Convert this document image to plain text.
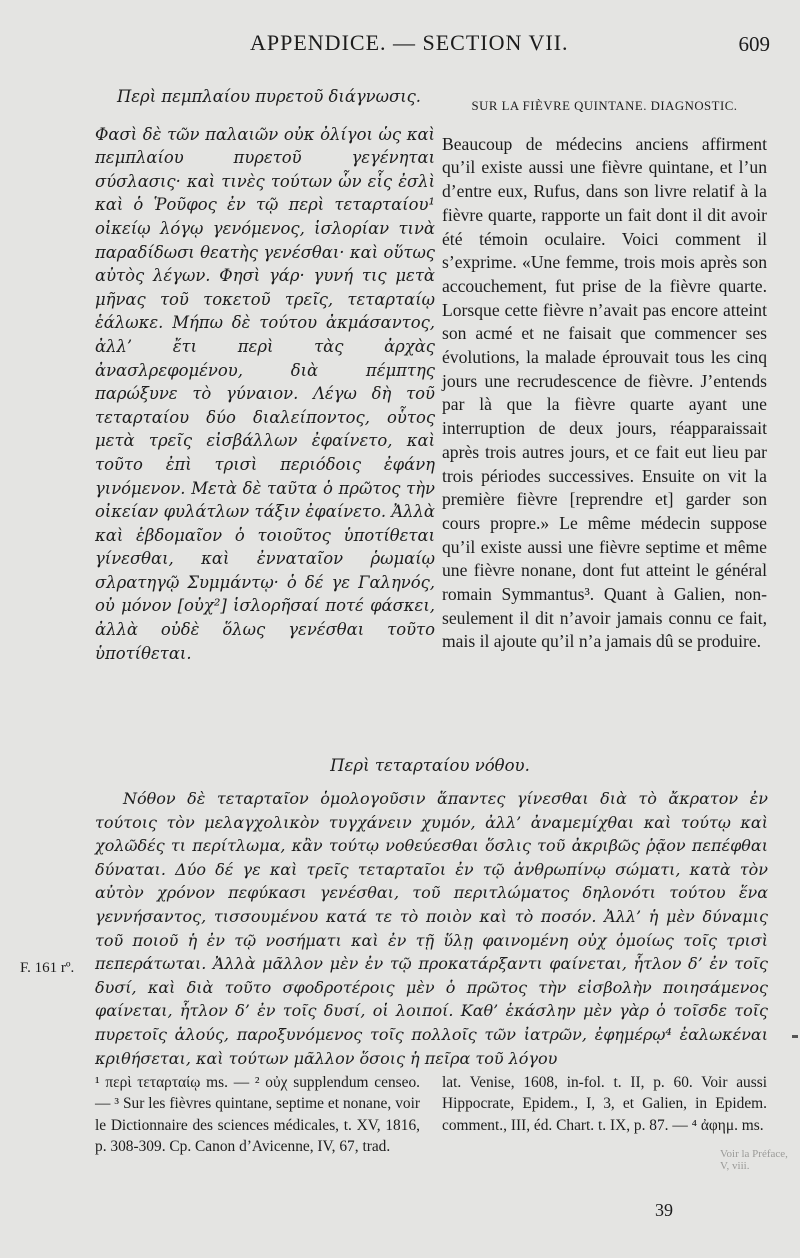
APPENDICE. — SECTION VII.	609
Περὶ πεμπλαίου πυρετοῦ διάγνωσις.

Φασὶ δὲ τῶν παλαιῶν οὐκ ὀλίγοι ὡς καὶ πεμπλαίου πυρετοῦ γεγένηται σύσλασις· καὶ τινὲς τούτων ὧν εἷς ἐσλὶ καὶ ὁ Ῥοῦφος ἐν τῷ περὶ τεταρταίου¹ οἰκείῳ λόγῳ γενόμενος, ἱσλορίαν τινὰ παραδίδωσι θεατὴς γενέσθαι· καὶ οὕτως αὐτὸς λέγων. Φησὶ γάρ· γυνή τις μετὰ μῆνας τοῦ τοκετοῦ τρεῖς, τεταρταίῳ ἑάλωκε. Μήπω δὲ τούτου ἀκμάσαντος, ἀλλ’ ἔτι περὶ τὰς ἀρχὰς ἀνασλρεφομένου, διὰ πέμπτης παρώξυνε τὸ γύναιον. Λέγω δὴ τοῦ τεταρταίου δύο διαλείποντος, οὗτος μετὰ τρεῖς εἰσβάλλων ἐφαίνετο, καὶ τοῦτο ἐπὶ τρισὶ περιόδοις ἐφάνη γινόμενον. Μετὰ δὲ ταῦτα ὁ πρῶτος τὴν οἰκείαν φυλάτλων τάξιν ἐφαίνετο. Ἀλλὰ καὶ ἑβδομαῖον ὁ τοιοῦτος ὑποτίθεται γίνεσθαι, καὶ ἐνναταῖον ῥωμαίῳ σλρατηγῷ Συμμάντῳ· ὁ δέ γε Γαληνός, οὐ μόνον [οὐχ²] ἱσλορῆσαί ποτέ φάσκει, ἀλλὰ οὐδὲ ὅλως γενέσθαι τοῦτο ὑποτίθεται.

SUR LA FIÈVRE QUINTANE. DIAGNOSTIC.

Beaucoup de médecins anciens affirment qu’il existe aussi une fièvre quintane, et l’un d’entre eux, Rufus, dans son livre relatif à la fièvre quarte, rapporte un fait dont il dit avoir été témoin oculaire. Voici comment il s’exprime. «Une femme, trois mois après son accouchement, fut prise de la fièvre quarte. Lorsque cette fièvre n’avait pas encore atteint son acmé et ne faisait que commencer ses évolutions, la malade éprouvait tous les cinq jours une recrudescence de fièvre. J’entends par là que la fièvre quarte ayant une interruption de deux jours, réapparaissait après trois autres jours, et ce fait eut lieu par trois périodes successives. Ensuite on vit la première fièvre [reprendre et] garder son cours propre.» Le même médecin suppose qu’il existe aussi une fièvre septime et même une fièvre nonane, dont fut atteint le général romain Symmantus³. Quant à Galien, non-seulement il dit n’avoir jamais connu ce fait, mais il ajoute qu’il n’a jamais dû se produire.

Περὶ τεταρταίου νόθου.

Νόθον δὲ τεταρταῖον ὁμολογοῦσιν ἅπαντες γίνεσθαι διὰ τὸ ἄκρατον ἐν τούτοις τὸν μελαγχολικὸν τυγχάνειν χυμόν, ἀλλ’ ἀναμεμίχθαι καὶ τούτῳ καὶ χολῶδές τι περίτλωμα, κἂν τούτῳ νοθεύεσθαι ὅσλις τοῦ ἀκριβῶς ῥᾷον πεπέφθαι δύναται. Δύο δέ γε καὶ τρεῖς τεταρταῖοι ἐν τῷ ἀνθρωπίνῳ σώματι, κατὰ τὸν αὐτὸν χρόνον πεφύκασι γενέσθαι, τοῦ περιτλώματος δηλονότι τούτου ἕνα γεννήσαντος, τισσουμένου κατά τε τὸ ποιὸν καὶ τὸ ποσόν. Ἀλλ’ ἡ μὲν δύναμις τοῦ ποιοῦ ἡ ἐν τῷ νοσήματι καὶ ἐν τῇ ὕλῃ φαινομένη οὐχ ὁμοίως τοῖς τρισὶ πεπεράτωται. Ἀλλὰ μᾶλλον μὲν ἐν τῷ προκατάρξαντι φαίνεται, ἧτλον δ’ ἐν τοῖς δυσί, καὶ διὰ τοῦτο σφοδροτέροις μὲν ὁ πρῶτος τὴν εἰσβολὴν ποιησάμενος φαίνεται, ἧτλον δ’ ἐν τοῖς δυσί, οἱ λοιποί. Καθ’ ἑκάσλην μὲν γὰρ ὁ τοῖσδε τοῖς πυρετοῖς ἁλούς, παροξυνόμενος τοῖς πολλοῖς τῶν ἰατρῶν, ἐφημέρῳ⁴ ἑαλωκέναι κριθήσεται, καὶ τούτων μᾶλλον ὅσοις ἡ πεῖρα τοῦ λόγου

F. 161 rº.

¹ περὶ τεταρταίῳ ms. — ² οὐχ supplendum censeo. — ³ Sur les fièvres quintane, septime et nonane, voir le Dictionnaire des sciences médicales, t. XV, 1816, p. 308-309. Cp. Canon d’Avicenne, IV, 67, trad.

lat. Venise, 1608, in-fol. t. II, p. 60. Voir aussi Hippocrate, Epidem., I, 3, et Galien, in Epidem. comment., III, éd. Chart. t. IX, p. 87. — ⁴ ἀφημ. ms.

Voir la Préface, V, viii.
39
